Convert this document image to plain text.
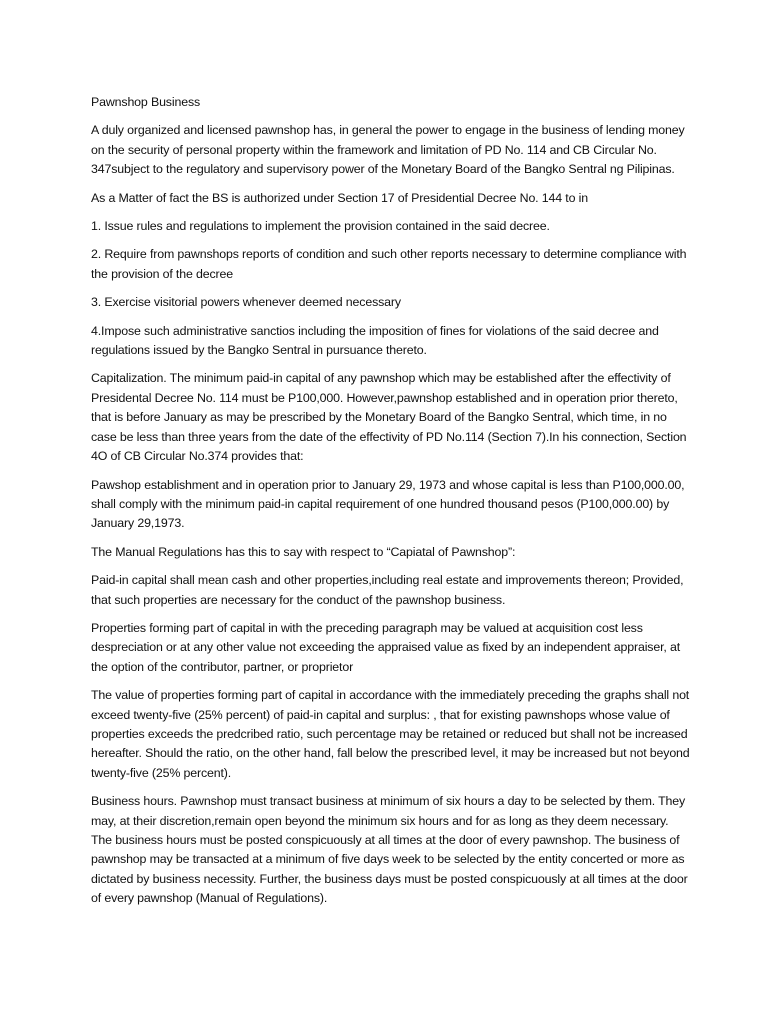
Pawnshop Business

A duly organized and licensed pawnshop has, in general the power to engage in the business of lending money on the security of personal property within the framework and limitation of PD No. 114 and CB Circular No. 347subject to the regulatory and supervisory power of the Monetary Board of the Bangko Sentral ng Pilipinas.

As a Matter of fact the BS is authorized under Section 17 of Presidential Decree No. 144 to in

1. Issue rules and regulations to implement the provision contained in the said decree.

2. Require from pawnshops reports of condition and such other reports necessary to determine compliance with the provision of the decree

3. Exercise visitorial powers whenever deemed necessary

4.Impose such administrative sanctios including the imposition of fines for violations of the said decree and regulations issued by the Bangko Sentral in pursuance thereto.

Capitalization. The minimum paid-in capital of any pawnshop which may be established after the effectivity of Presidental Decree No. 114 must be P100,000. However,pawnshop established and in operation prior thereto, that is before January as may be prescribed by the Monetary Board of the Bangko Sentral, which time, in no case be less than three years from the date of the effectivity of PD No.114 (Section 7).In his connection, Section 4O of CB Circular No.374 provides that:

Pawshop establishment and in operation prior to January 29, 1973 and whose capital is less than P100,000.00, shall comply with the minimum paid-in capital requirement of one hundred thousand pesos (P100,000.00) by January 29,1973.

The Manual Regulations has this to say with respect to “Capiatal of Pawnshop”:

Paid-in capital shall mean cash and other properties,including real estate and improvements thereon; Provided, that such properties are necessary for the conduct of the pawnshop business.

Properties forming part of capital in with the preceding paragraph may be valued at acquisition cost less despreciation or at any other value not exceeding the appraised value as fixed by an independent appraiser, at the option of the contributor, partner, or proprietor

The value of properties forming part of capital in accordance with the immediately preceding the graphs shall not exceed twenty-five (25% percent) of paid-in capital and surplus: , that for existing pawnshops whose value of properties exceeds the predcribed ratio, such percentage may be retained or reduced but shall not be increased hereafter. Should the ratio, on the other hand, fall below the prescribed level, it may be increased but not beyond twenty-five (25% percent).

Business hours. Pawnshop must transact business at minimum of six hours a day to be selected by them. They may, at their discretion,remain open beyond the minimum six hours and for as long as they deem necessary. The business hours must be posted conspicuously at all times at the door of every pawnshop. The business of pawnshop may be transacted at a minimum of five days week to be selected by the entity concerted or more as dictated by business necessity. Further, the business days must be posted conspicuously at all times at the door of every pawnshop (Manual of Regulations).
